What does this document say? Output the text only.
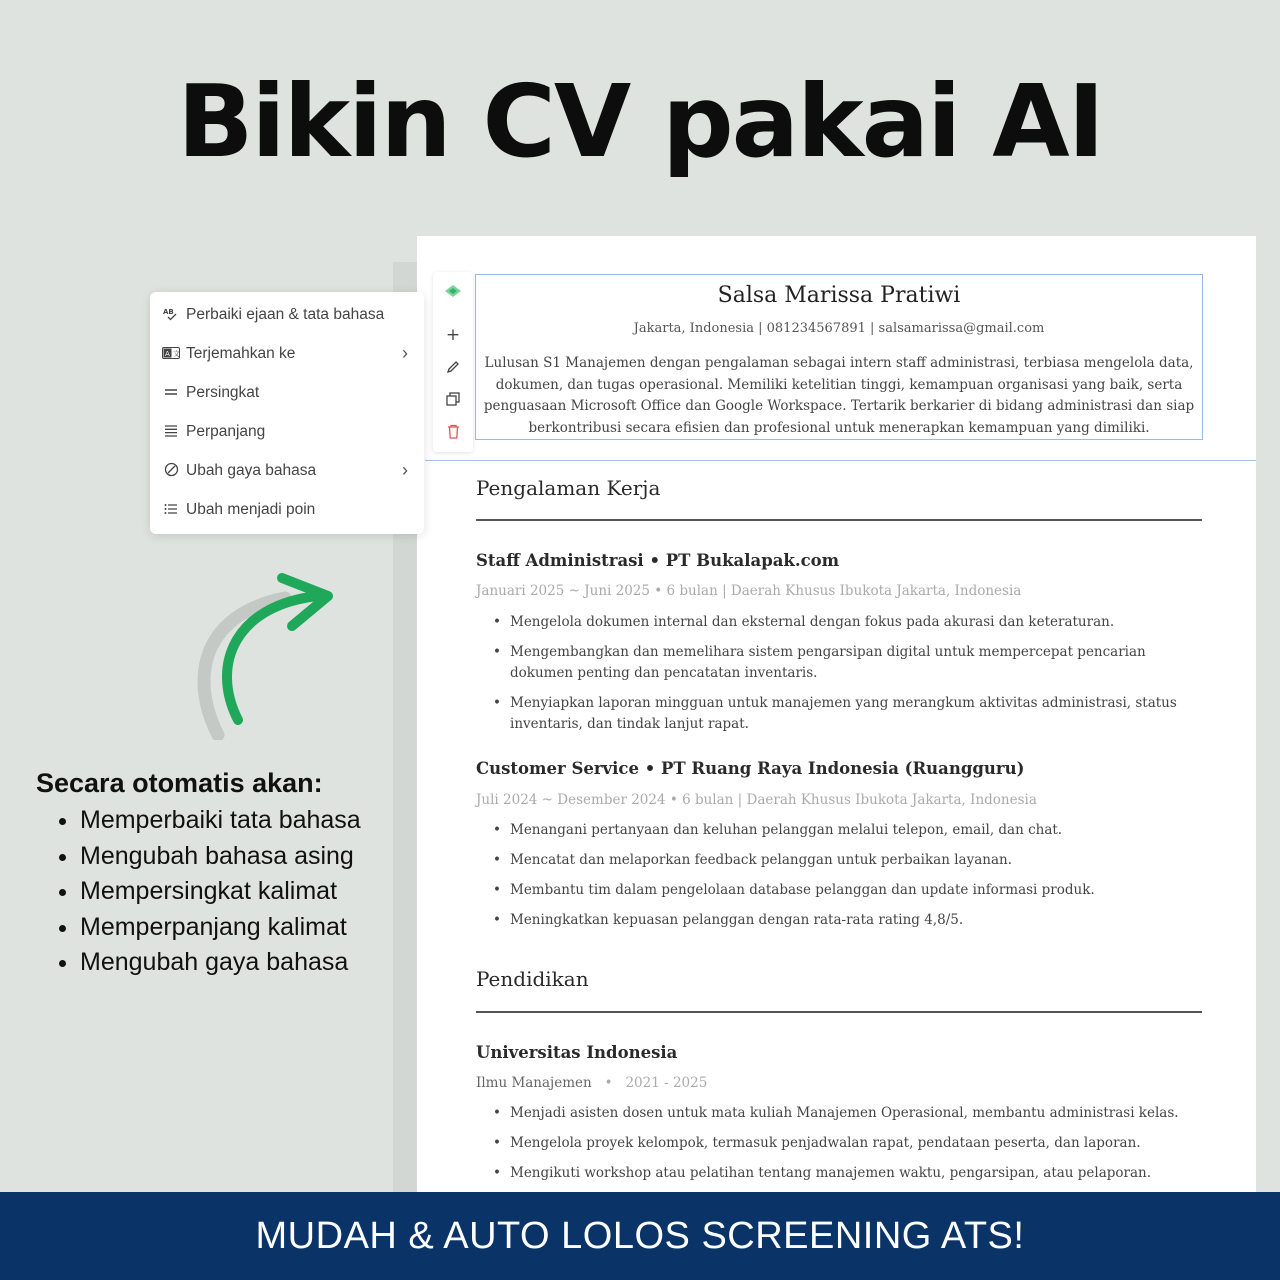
Bikin CV pakai AI
+
Salsa Marissa Pratiwi
Jakarta, Indonesia | 081234567891 | salsamarissa@gmail.com
Lulusan S1 Manajemen dengan pengalaman sebagai intern staff administrasi, terbiasa mengelola data, dokumen, dan tugas operasional. Memiliki ketelitian tinggi, kemampuan organisasi yang baik, serta penguasaan Microsoft Office dan Google Workspace. Tertarik berkarier di bidang administrasi dan siap berkontribusi secara efisien dan profesional untuk menerapkan kemampuan yang dimiliki.
Pengalaman Kerja
Staff Administrasi • PT Bukalapak.com
Januari 2025 ~ Juni 2025 • 6 bulan | Daerah Khusus Ibukota Jakarta, Indonesia
• Mengelola dokumen internal dan eksternal dengan fokus pada akurasi dan keteraturan.
• Mengembangkan dan memelihara sistem pengarsipan digital untuk mempercepat pencarian dokumen penting dan pencatatan inventaris.
• Menyiapkan laporan mingguan untuk manajemen yang merangkum aktivitas administrasi, status inventaris, dan tindak lanjut rapat.
Customer Service • PT Ruang Raya Indonesia (Ruangguru)
Juli 2024 ~ Desember 2024 • 6 bulan | Daerah Khusus Ibukota Jakarta, Indonesia
• Menangani pertanyaan dan keluhan pelanggan melalui telepon, email, dan chat.
• Mencatat dan melaporkan feedback pelanggan untuk perbaikan layanan.
• Membantu tim dalam pengelolaan database pelanggan dan update informasi produk.
• Meningkatkan kepuasan pelanggan dengan rata-rata rating 4,8/5.
Pendidikan
Universitas Indonesia
Ilmu Manajemen   •   2021 - 2025
• Menjadi asisten dosen untuk mata kuliah Manajemen Operasional, membantu administrasi kelas.
• Mengelola proyek kelompok, termasuk penjadwalan rapat, pendataan peserta, dan laporan.
• Mengikuti workshop atau pelatihan tentang manajemen waktu, pengarsipan, atau pelaporan.
AB Perbaiki ejaan & tata bahasa
A 文 Terjemahkan ke	›
Persingkat
Perpanjang
Ubah gaya bahasa	›
Ubah menjadi poin
Secara otomatis akan:
• Memperbaiki tata bahasa
• Mengubah bahasa asing
• Mempersingkat kalimat
• Memperpanjang kalimat
• Mengubah gaya bahasa
MUDAH & AUTO LOLOS SCREENING ATS!
